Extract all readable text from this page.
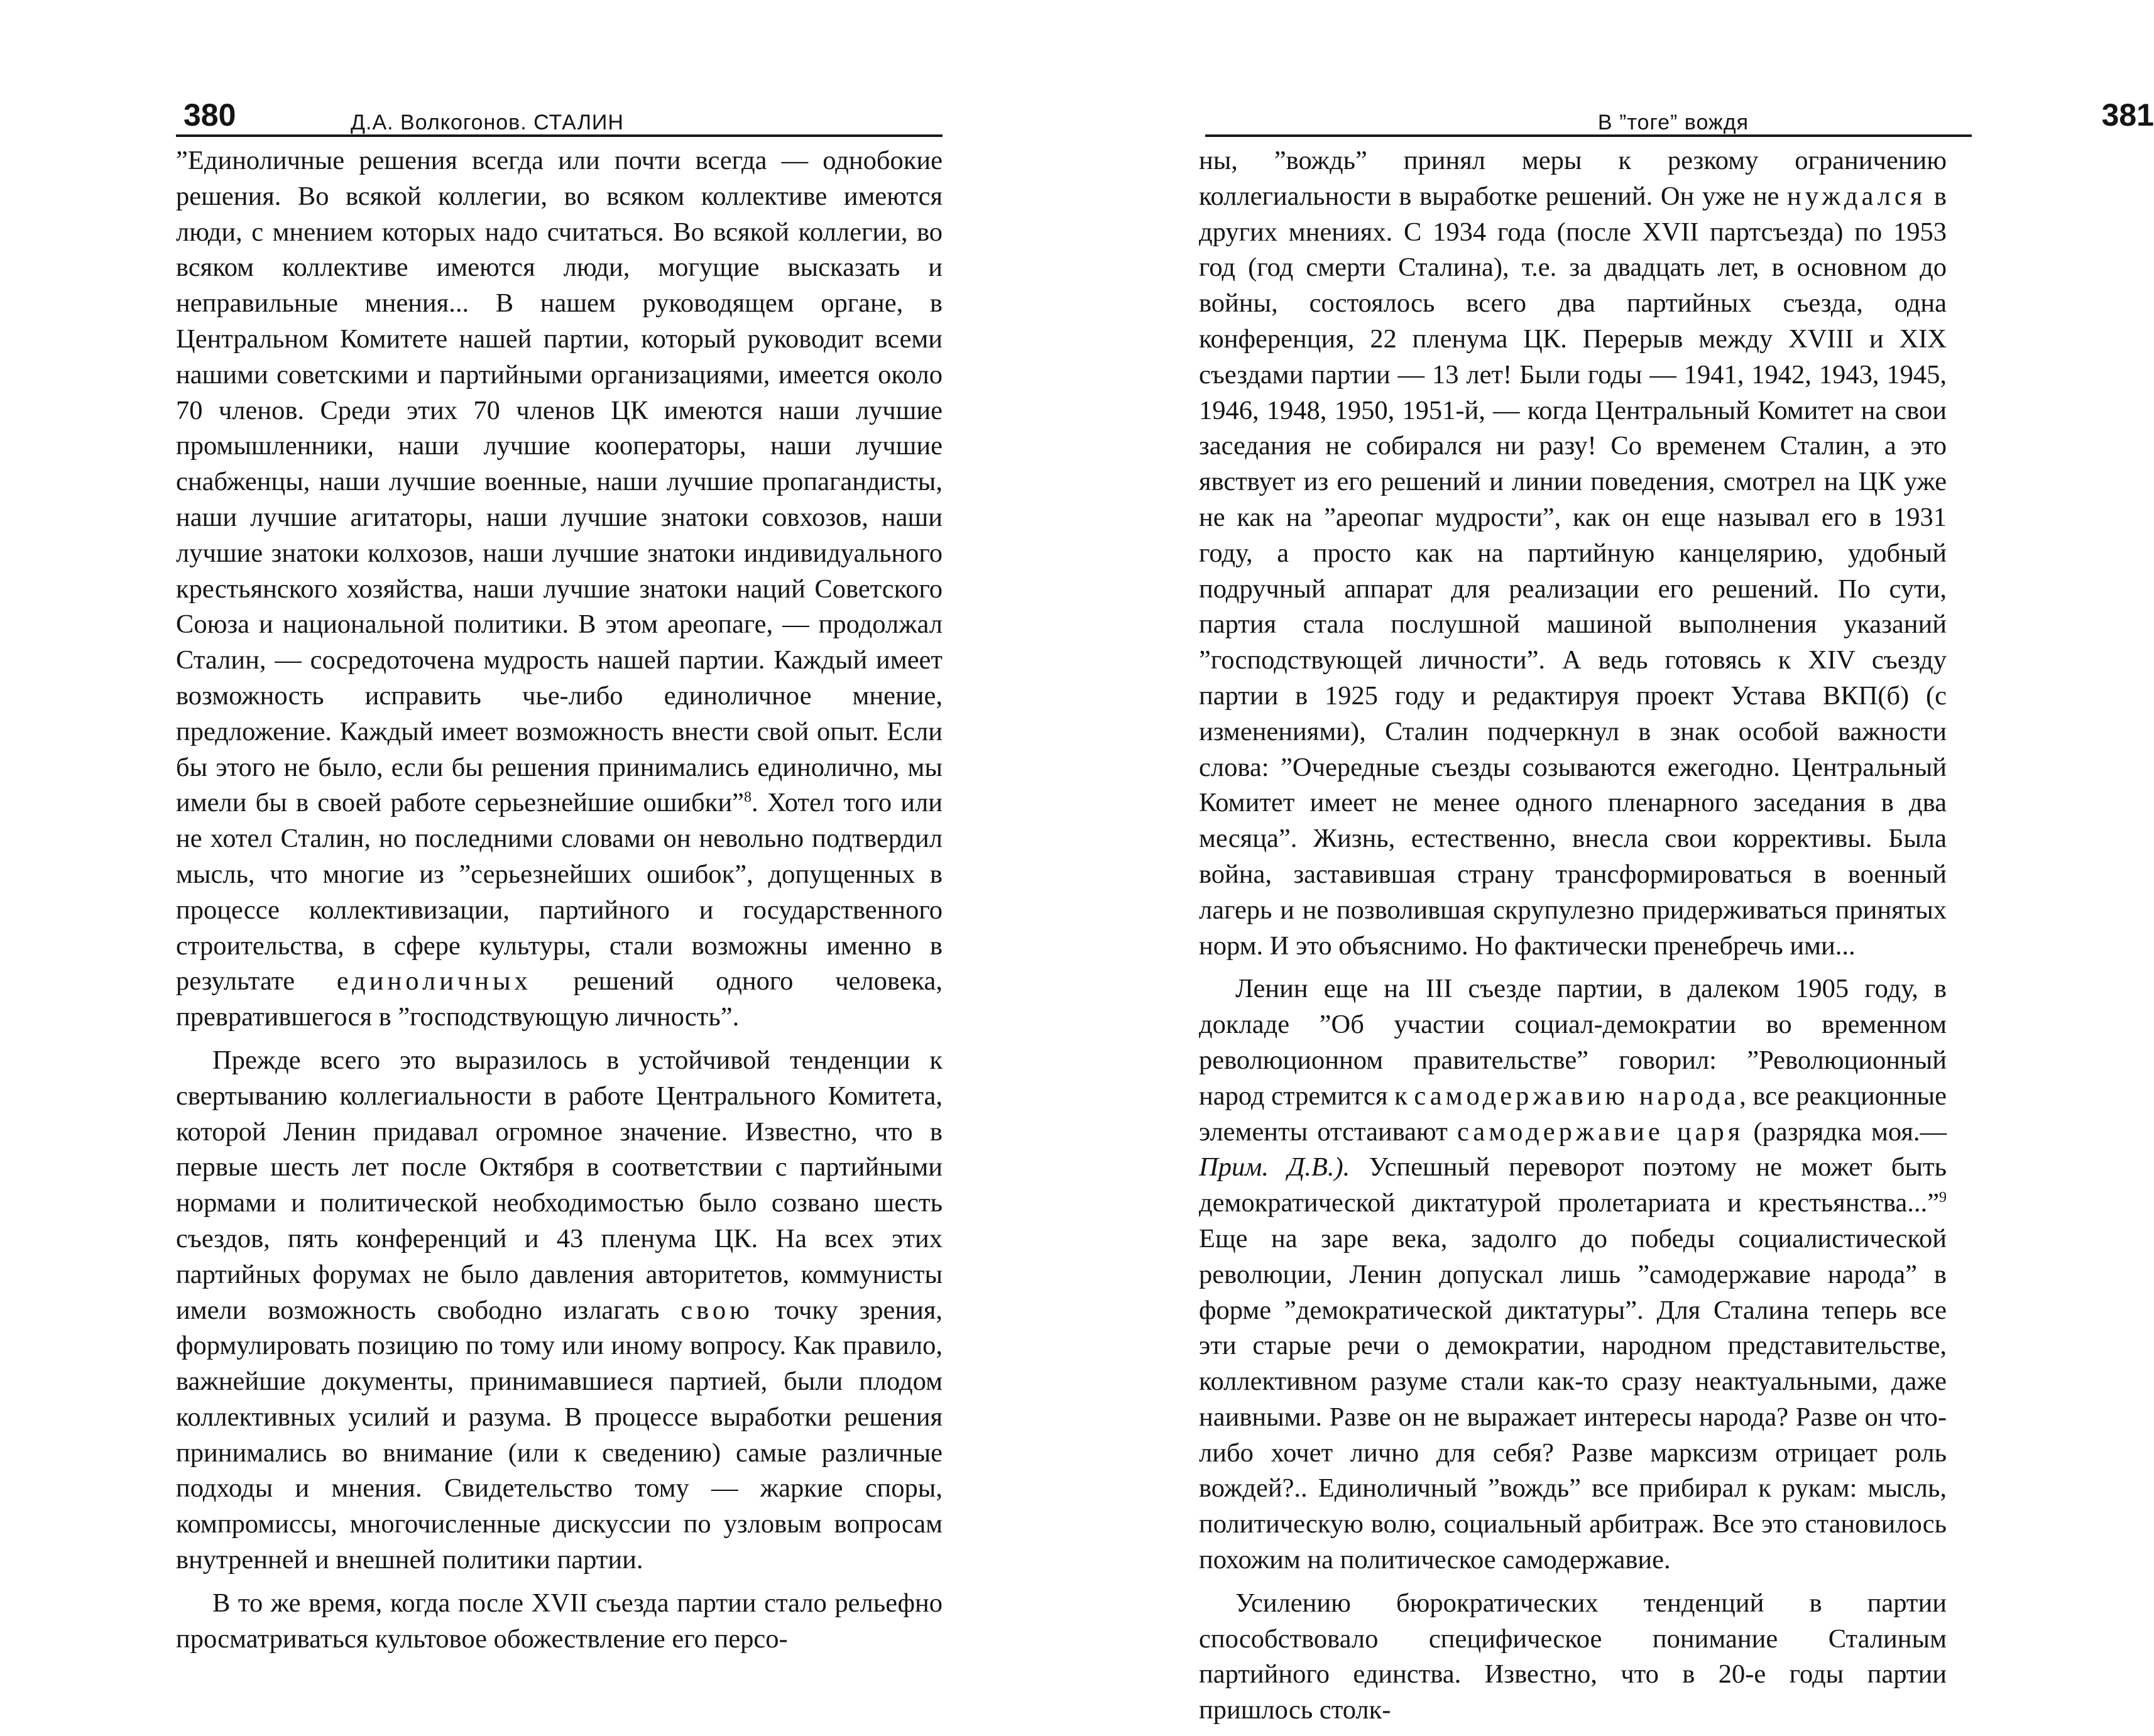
380	Д.А. Волкогонов. СТАЛИН

”Единоличные решения всегда или почти всегда — однобокие решения. Во всякой коллегии, во всяком коллективе имеются люди, с мнением которых надо считаться. Во всякой коллегии, во всяком коллективе имеются люди, могущие высказать и неправильные мнения... В нашем руководящем органе, в Центральном Комитете нашей партии, который руководит всеми нашими советскими и партийными организациями, имеется около 70 членов. Среди этих 70 членов ЦК имеются наши лучшие промышленники, наши лучшие кооператоры, наши лучшие снабженцы, наши лучшие военные, наши лучшие пропагандисты, наши лучшие агитаторы, наши лучшие знатоки совхозов, наши лучшие знатоки колхозов, наши лучшие знатоки индивидуального крестьянского хозяйства, наши лучшие знатоки наций Советского Союза и национальной политики. В этом ареопаге, — продолжал Сталин, — сосредоточена мудрость нашей партии. Каждый имеет возможность исправить чье-либо единоличное мнение, предложение. Каждый имеет возможность внести свой опыт. Если бы этого не было, если бы решения принимались единолично, мы имели бы в своей работе серьезнейшие ошибки”$^8$. Хотел того или не хотел Сталин, но последними словами он невольно подтвердил мысль, что многие из ”серьезнейших ошибок”, допущенных в процессе коллективизации, партийного и государственного строительства, в сфере культуры, стали возможны именно в результате единоличных решений одного человека, превратившегося в ”господствующую личность”.

Прежде всего это выразилось в устойчивой тенденции к свертыванию коллегиальности в работе Центрального Комитета, которой Ленин придавал огромное значение. Известно, что в первые шесть лет после Октября в соответствии с партийными нормами и политической необходимостью было созвано шесть съездов, пять конференций и 43 пленума ЦК. На всех этих партийных форумах не было давления авторитетов, коммунисты имели возможность свободно излагать свою точку зрения, формулировать позицию по тому или иному вопросу. Как правило, важнейшие документы, принимавшиеся партией, были плодом коллективных усилий и разума. В процессе выработки решения принимались во внимание (или к сведению) самые различные подходы и мнения. Свидетельство тому — жаркие споры, компромиссы, многочисленные дискуссии по узловым вопросам внутренней и внешней политики партии.

В то же время, когда после XVII съезда партии стало рельефно просматриваться культовое обожествление его персо-

В ”тоге” вождя	381

ны, ”вождь” принял меры к резкому ограничению коллегиальности в выработке решений. Он уже не нуждался в других мнениях. С 1934 года (после XVII партсъезда) по 1953 год (год смерти Сталина), т.е. за двадцать лет, в основном до войны, состоялось всего два партийных съезда, одна конференция, 22 пленума ЦК. Перерыв между XVIII и XIX съездами партии — 13 лет! Были годы — 1941, 1942, 1943, 1945, 1946, 1948, 1950, 1951-й, — когда Центральный Комитет на свои заседания не собирался ни разу! Со временем Сталин, а это явствует из его решений и линии поведения, смотрел на ЦК уже не как на ”ареопаг мудрости”, как он еще называл его в 1931 году, а просто как на партийную канцелярию, удобный подручный аппарат для реализации его решений. По сути, партия стала послушной машиной выполнения указаний ”господствующей личности”. А ведь готовясь к XIV съезду партии в 1925 году и редактируя проект Устава ВКП(б) (с изменениями), Сталин подчеркнул в знак особой важности слова: ”Очередные съезды созываются ежегодно. Центральный Комитет имеет не менее одного пленарного заседания в два месяца”. Жизнь, естественно, внесла свои коррективы. Была война, заставившая страну трансформироваться в военный лагерь и не позволившая скрупулезно придерживаться принятых норм. И это объяснимо. Но фактически пренебречь ими...

Ленин еще на III съезде партии, в далеком 1905 году, в докладе ”Об участии социал-демократии во временном революционном правительстве” говорил: ”Революционный народ стремится к самодержавию народа, все реакционные элементы отстаивают самодержавие царя (разрядка моя.— Прим. Д.В.). Успешный переворот поэтому не может быть демократической диктатурой пролетариата и крестьянства...”$^9$ Еще на заре века, задолго до победы социалистической революции, Ленин допускал лишь ”самодержавие народа” в форме ”демократической диктатуры”. Для Сталина теперь все эти старые речи о демократии, народном представительстве, коллективном разуме стали как-то сразу неактуальными, даже наивными. Разве он не выражает интересы народа? Разве он что-либо хочет лично для себя? Разве марксизм отрицает роль вождей?.. Единоличный ”вождь” все прибирал к рукам: мысль, политическую волю, социальный арбитраж. Все это становилось похожим на политическое самодержавие.

Усилению бюрократических тенденций в партии способствовало специфическое понимание Сталиным партийного единства. Известно, что в 20-е годы партии пришлось столк-
